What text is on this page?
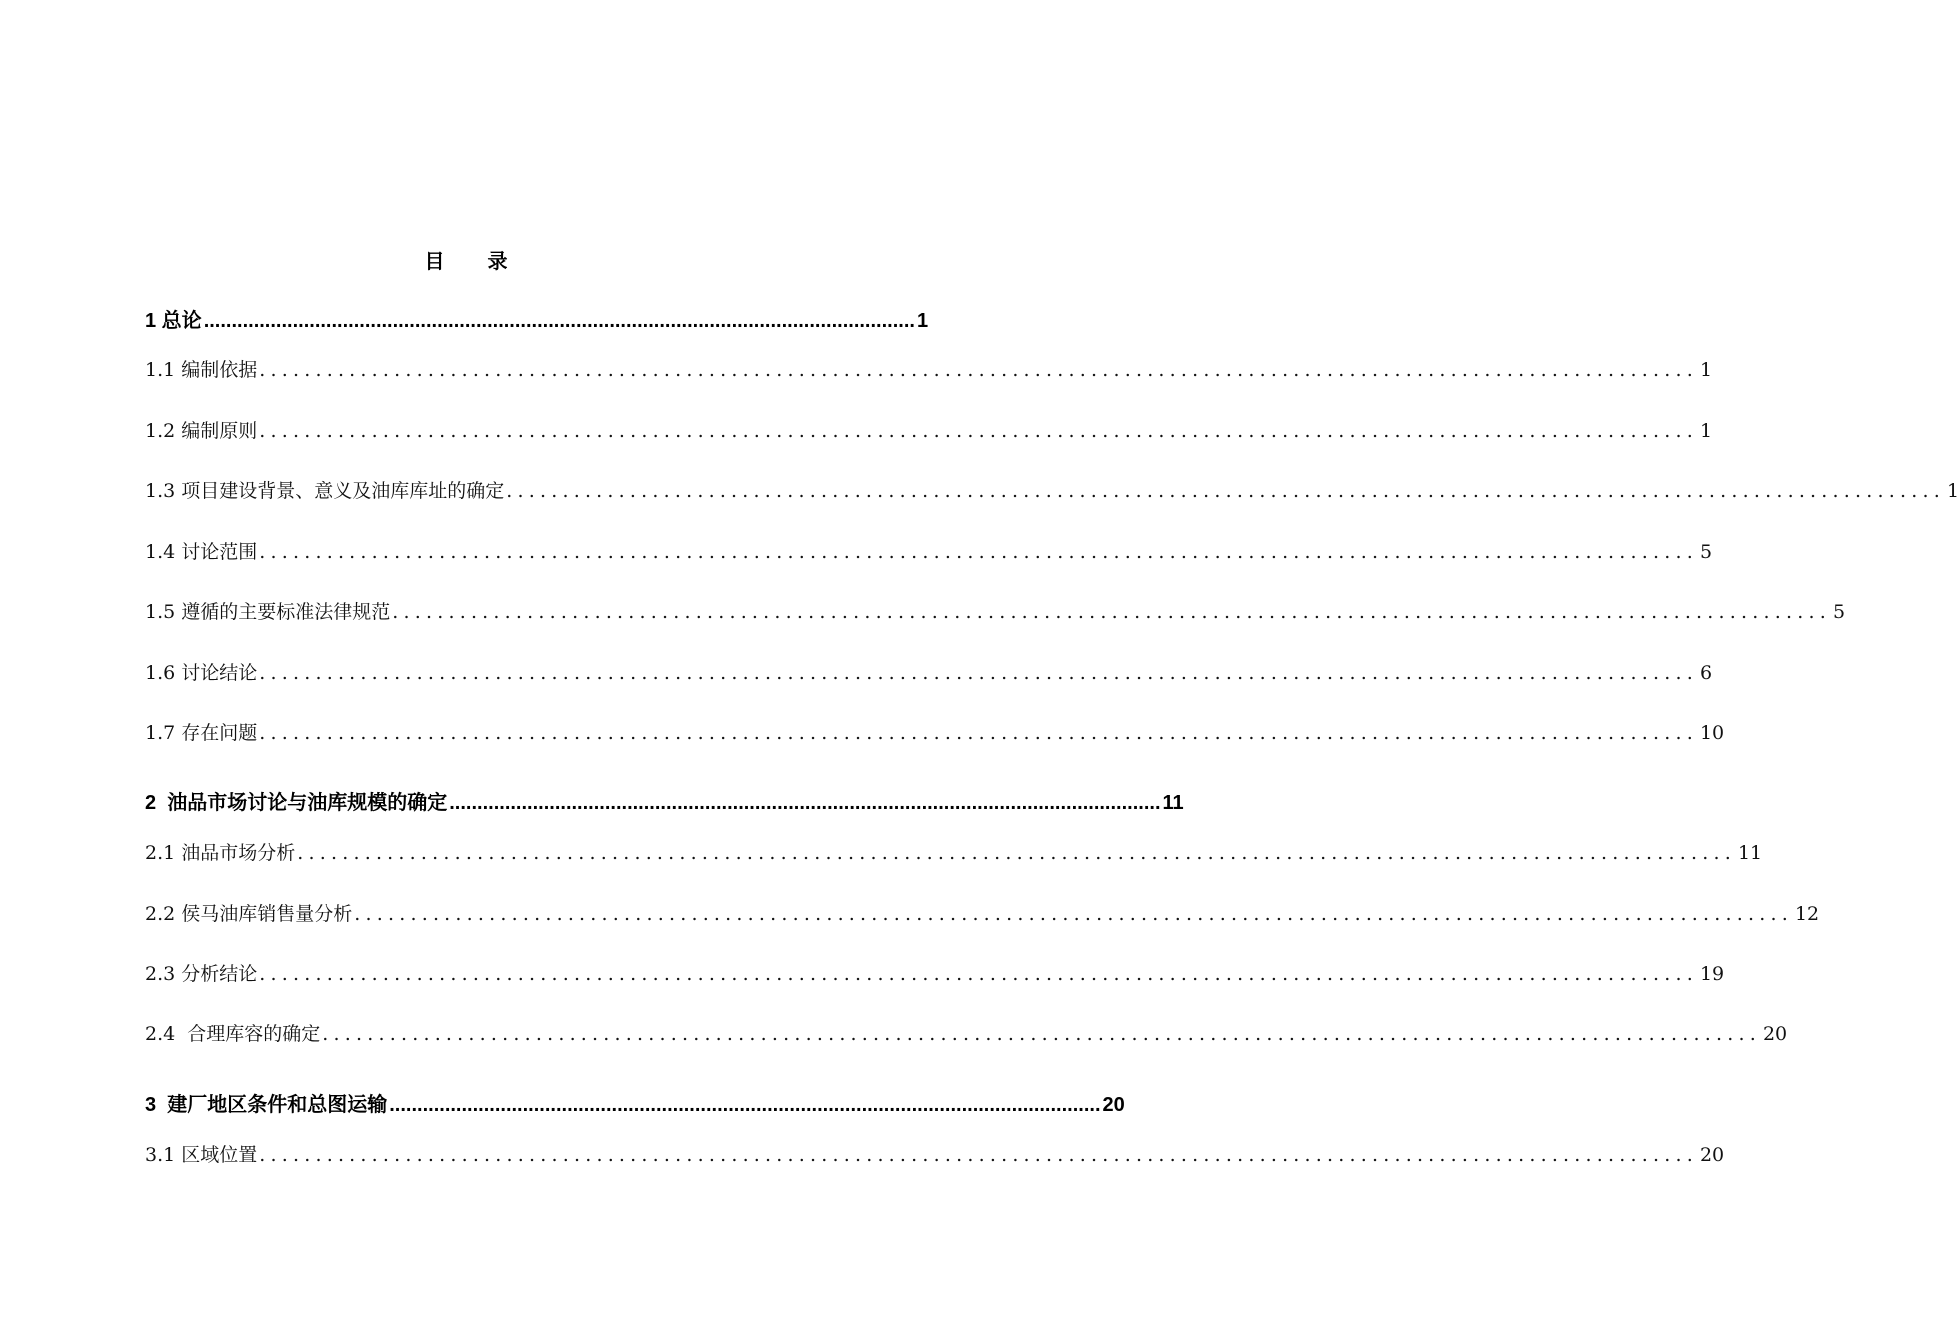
目 录
1 总论 ................................................................................................................................ 1
1.1 编制依据 ................................................................................................................................ 1
1.2 编制原则 ................................................................................................................................ 1
1.3 项目建设背景、意义及油库库址的确定 ................................................................................................................................ 1
1.4 讨论范围 ................................................................................................................................ 5
1.5 遵循的主要标准法律规范 ................................................................................................................................ 5
1.6 讨论结论 ................................................................................................................................ 6
1.7 存在问题 ................................................................................................................................ 10
2  油品市场讨论与油库规模的确定 ................................................................................................................................ 11
2.1 油品市场分析 ................................................................................................................................ 11
2.2 侯马油库销售量分析 ................................................................................................................................ 12
2.3 分析结论 ................................................................................................................................ 19
2.4  合理库容的确定 ................................................................................................................................ 20
3  建厂地区条件和总图运输 ................................................................................................................................ 20
3.1 区域位置 ................................................................................................................................ 20
